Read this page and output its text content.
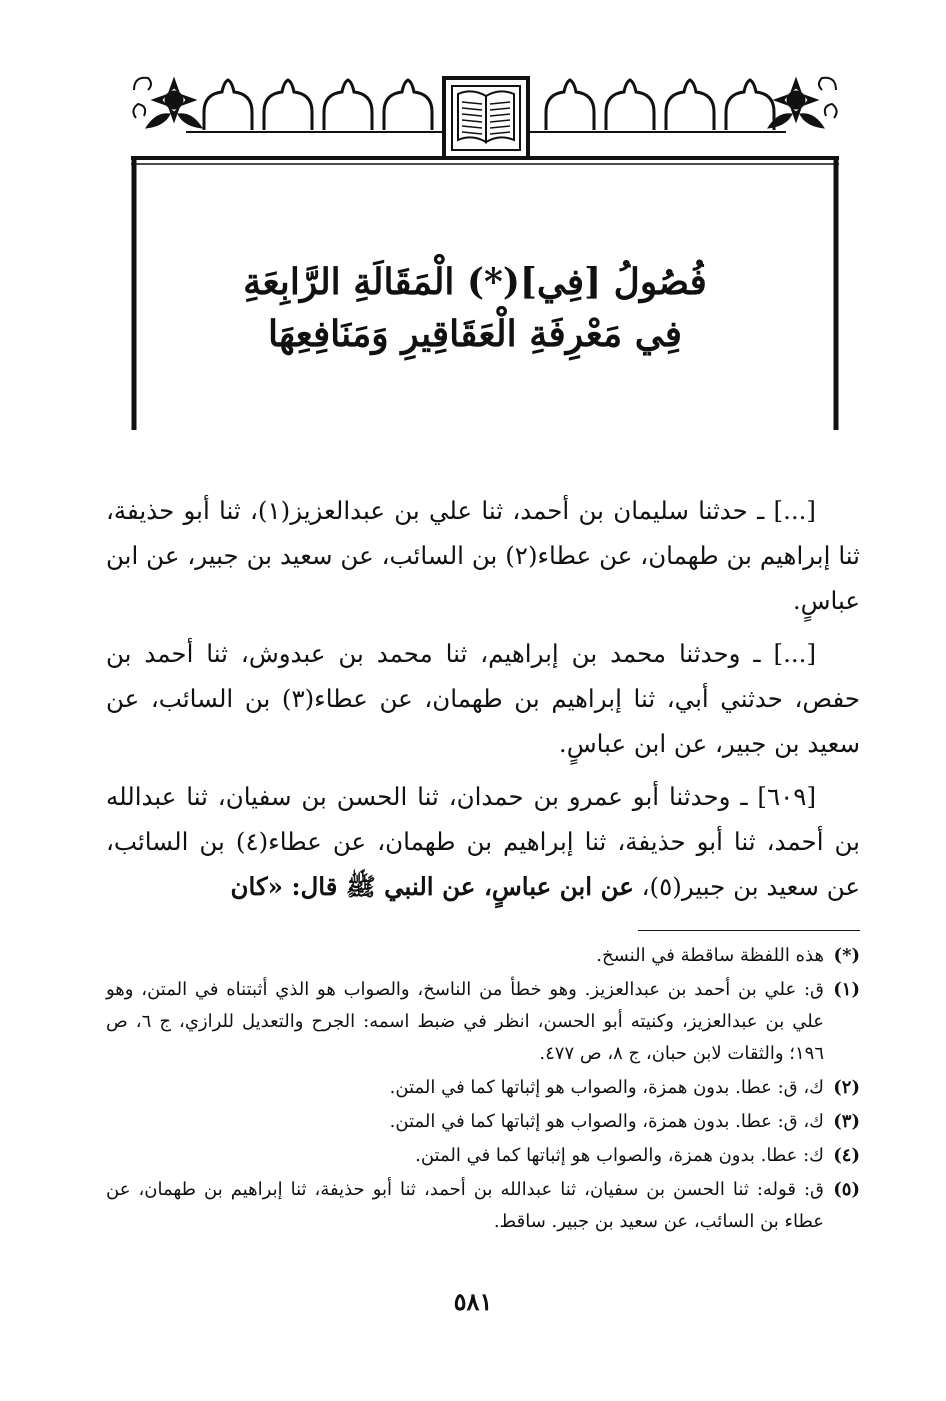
فُصُولُ [فِي](*) الْمَقَالَةِ الرَّابِعَةِ
فِي مَعْرِفَةِ الْعَقَاقِيرِ وَمَنَافِعِهَا

[...] ـ حدثنا سليمان بن أحمد، ثنا علي بن عبدالعزيز(١)، ثنا أبو حذيفة، ثنا إبراهيم بن طهمان، عن عطاء(٢) بن السائب، عن سعيد بن جبير، عن ابن عباسٍ.

[...] ـ وحدثنا محمد بن إبراهيم، ثنا محمد بن عبدوش، ثنا أحمد بن حفص، حدثني أبي، ثنا إبراهيم بن طهمان، عن عطاء(٣) بن السائب، عن سعيد بن جبير، عن ابن عباسٍ.

[٦٠٩] ـ وحدثنا أبو عمرو بن حمدان، ثنا الحسن بن سفيان، ثنا عبدالله بن أحمد، ثنا أبو حذيفة، ثنا إبراهيم بن طهمان، عن عطاء(٤) بن السائب، عن سعيد بن جبير(٥)، عن ابن عباسٍ، عن النبي ﷺ قال: «كان

(*)
هذه اللفظة ساقطة في النسخ.
(١)
ق: علي بن أحمد بن عبدالعزيز. وهو خطأ من الناسخ، والصواب هو الذي أثبتناه في المتن، وهو علي بن عبدالعزيز، وكنيته أبو الحسن، انظر في ضبط اسمه: الجرح والتعديل للرازي، ج ٦، ص ١٩٦؛ والثقات لابن حبان، ج ٨، ص ٤٧٧.
(٢)
ك، ق: عطا. بدون همزة، والصواب هو إثباتها كما في المتن.
(٣)
ك، ق: عطا. بدون همزة، والصواب هو إثباتها كما في المتن.
(٤)
ك: عطا. بدون همزة، والصواب هو إثباتها كما في المتن.
(٥)
ق: قوله: ثنا الحسن بن سفيان، ثنا عبدالله بن أحمد، ثنا أبو حذيفة، ثنا إبراهيم بن طهمان، عن عطاء بن السائب، عن سعيد بن جبير. ساقط.
٥٨١
